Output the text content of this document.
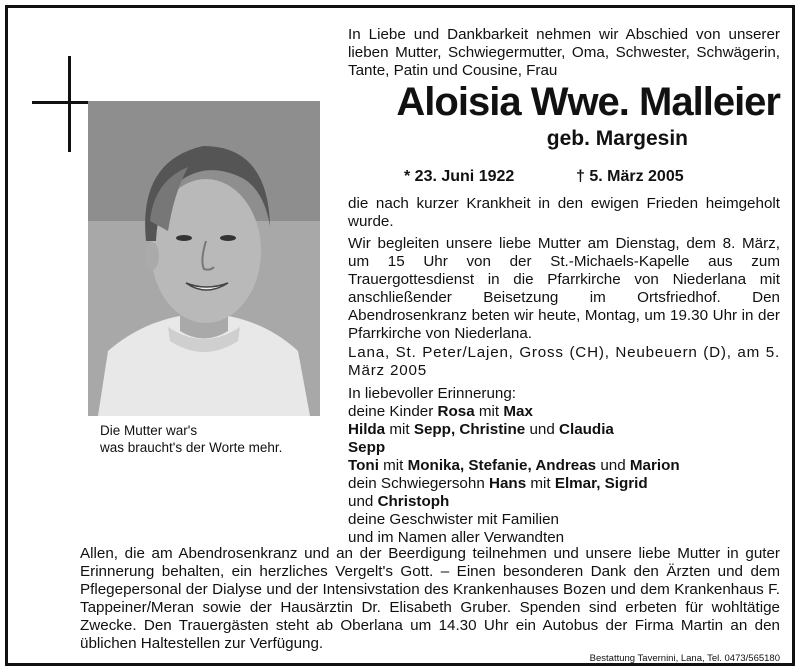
Die Mutter war's
was braucht's der Worte mehr.
In Liebe und Dankbarkeit nehmen wir Abschied von unserer lieben Mutter, Schwiegermutter, Oma, Schwester, Schwägerin, Tante, Patin und Cousine, Frau
Aloisia Wwe. Malleier
geb. Margesin
* 23. Juni 1922	† 5. März 2005
die nach kurzer Krankheit in den ewigen Frieden heimgeholt wurde.
Wir begleiten unsere liebe Mutter am Dienstag, dem 8. März, um 15 Uhr von der St.-Michaels-Kapelle aus zum Trauergottesdienst in die Pfarrkirche von Niederlana mit anschließender Beisetzung im Ortsfriedhof. Den Abendrosenkranz beten wir heute, Montag, um 19.30 Uhr in der Pfarrkirche von Niederlana.
Lana, St. Peter/Lajen, Gross (CH), Neubeuern (D), am 5. März 2005
In liebevoller Erinnerung:
deine Kinder Rosa mit Max
Hilda mit Sepp, Christine und Claudia
Sepp
Toni mit Monika, Stefanie, Andreas und Marion
dein Schwiegersohn Hans mit Elmar, Sigrid
und Christoph
deine Geschwister mit Familien
und im Namen aller Verwandten
Allen, die am Abendrosenkranz und an der Beerdigung teilnehmen und unsere liebe Mutter in guter Erinnerung behalten, ein herzliches Vergelt's Gott. – Einen besonderen Dank den Ärzten und dem Pflegepersonal der Dialyse und der Intensivstation des Krankenhauses Bozen und dem Krankenhaus F. Tappeiner/Meran sowie der Hausärztin Dr. Elisabeth Gruber. Spenden sind erbeten für wohltätige Zwecke. Den Trauergästen steht ab Oberlana um 14.30 Uhr ein Autobus der Firma Martin an den üblichen Haltestellen zur Verfügung.
Bestattung Tavernini, Lana, Tel. 0473/565180
